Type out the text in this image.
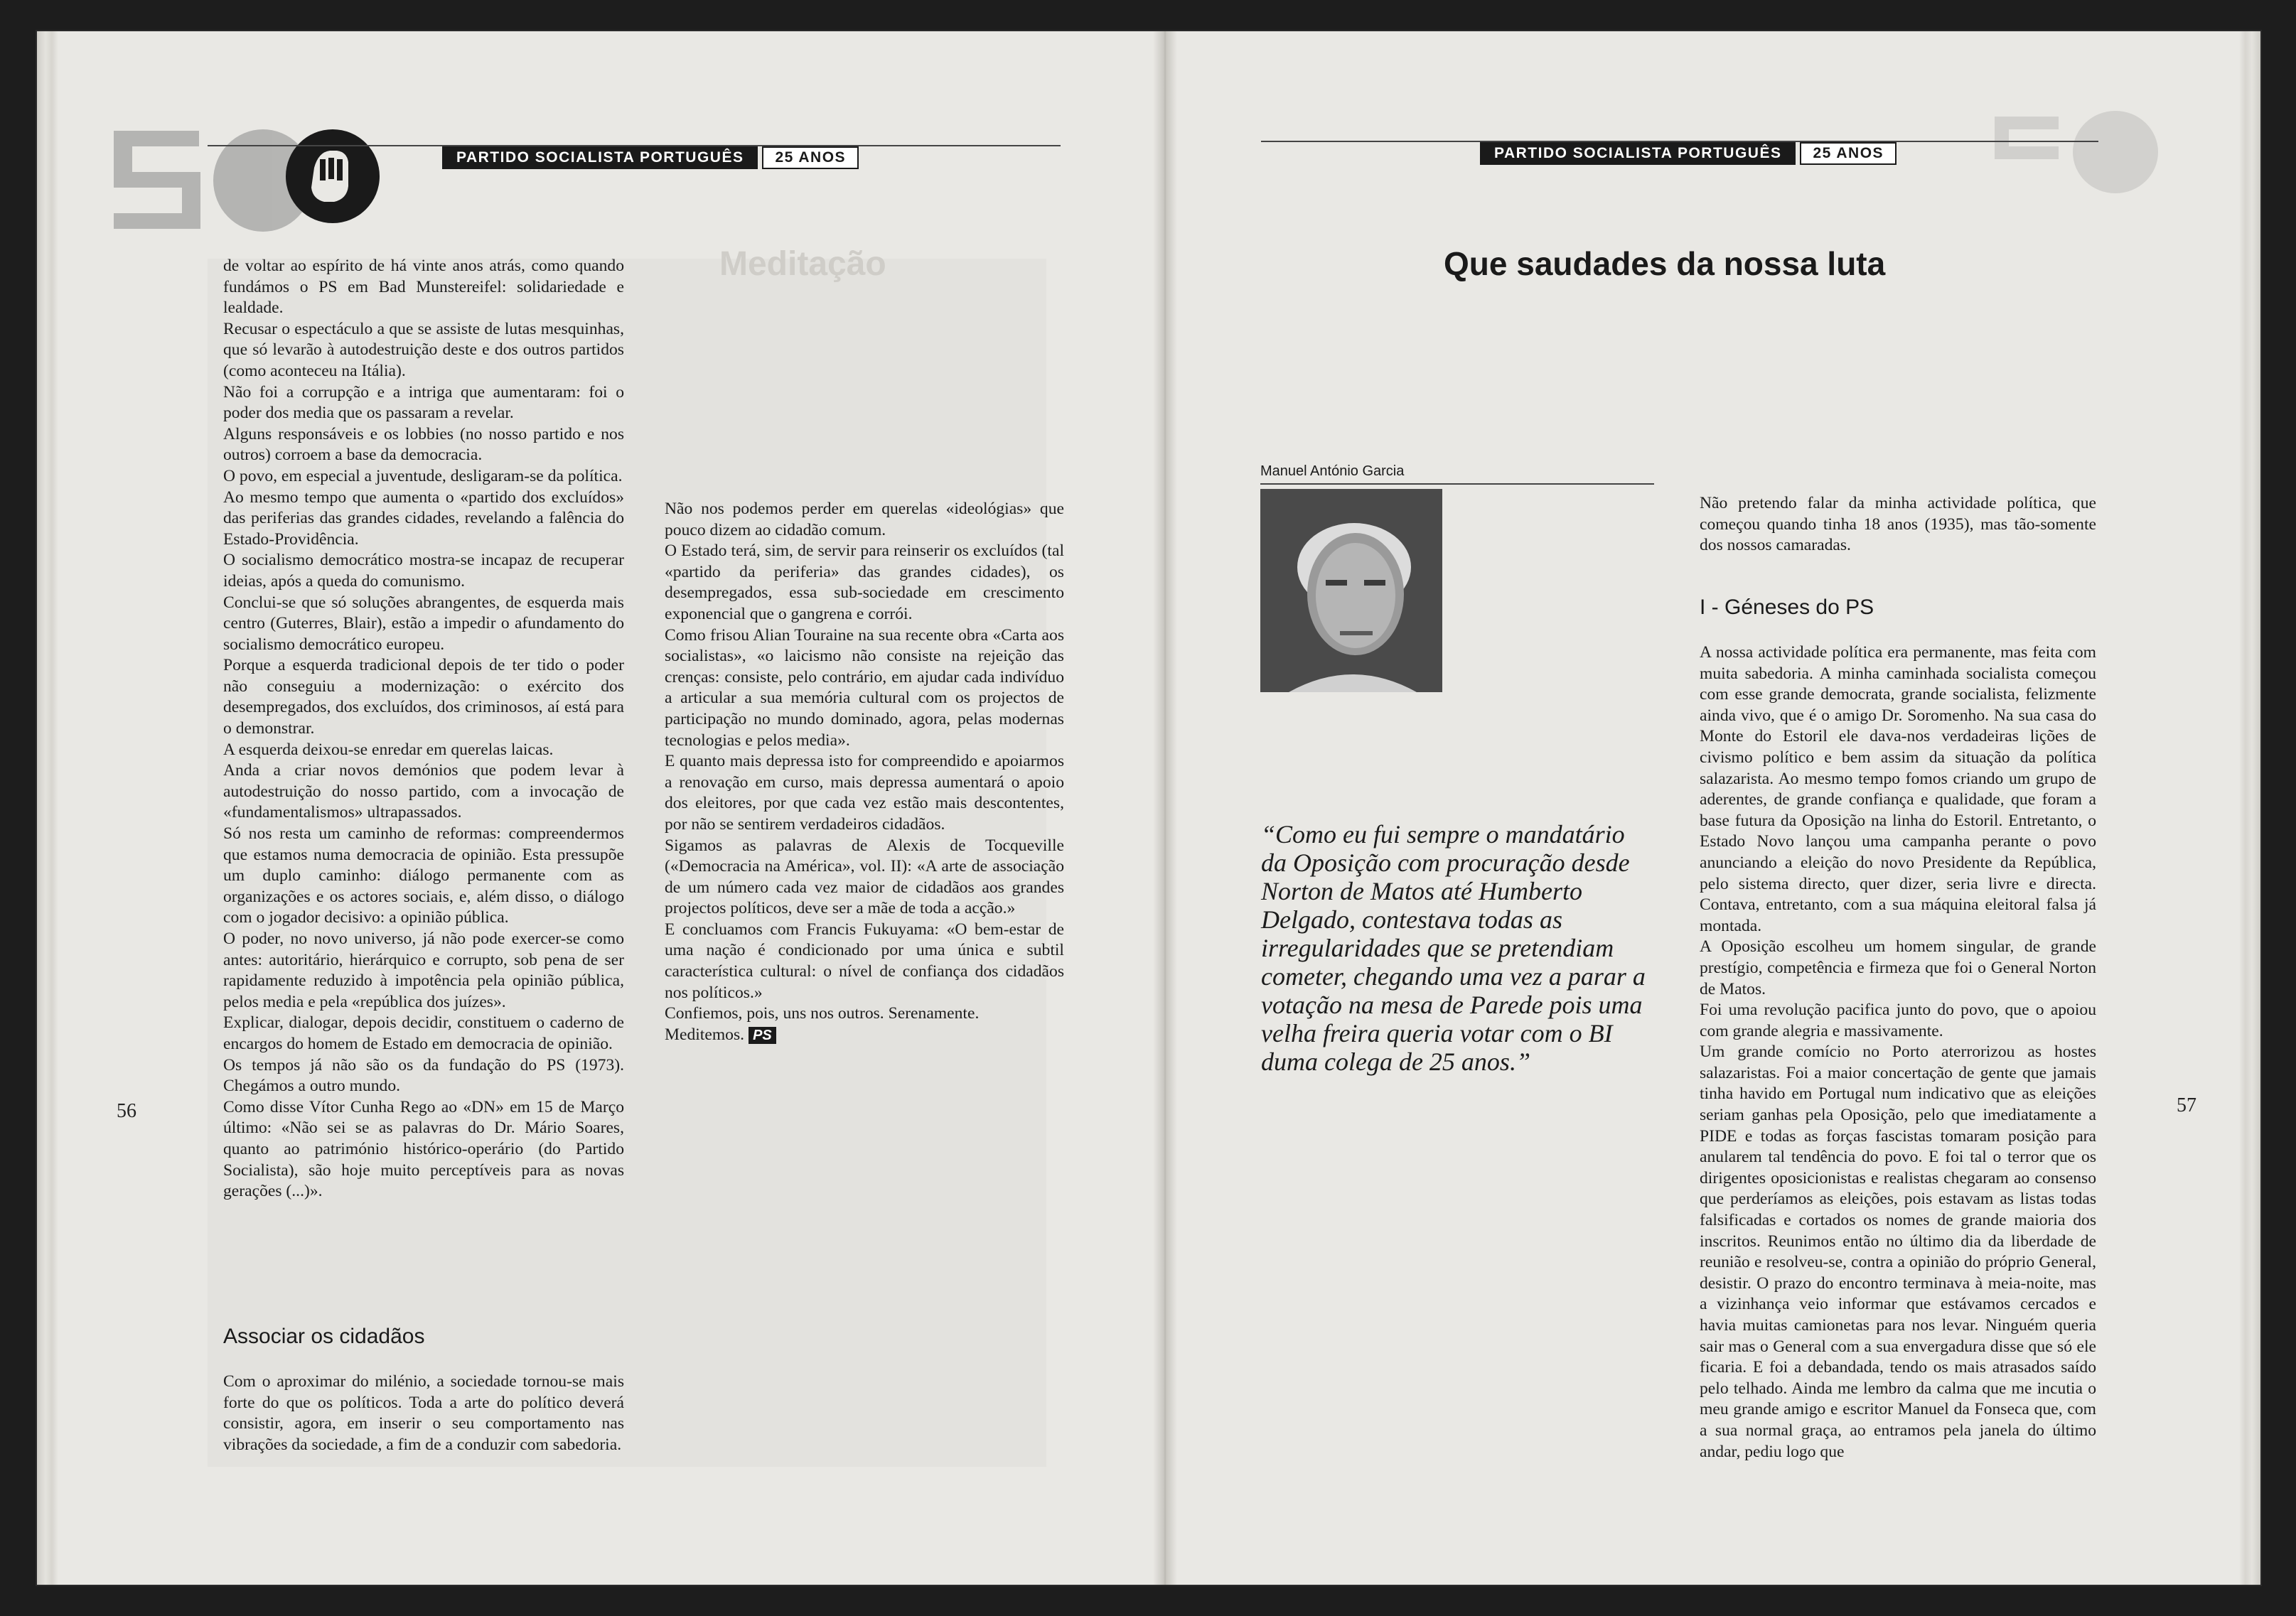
PARTIDO SOCIALISTA PORTUGUÊS	25 ANOS
Meditação

de voltar ao espírito de há vinte anos atrás, como quando fundámos o PS em Bad Munstereifel: solidariedade e lealdade.

Recusar o espectáculo a que se assiste de lutas mesquinhas, que só levarão à autodestruição deste e dos outros partidos (como aconteceu na Itália).

Não foi a corrupção e a intriga que aumentaram: foi o poder dos media que os passaram a revelar.

Alguns responsáveis e os lobbies (no nosso partido e nos outros) corroem a base da democracia.

O povo, em especial a juventude, desligaram-se da política.

Ao mesmo tempo que aumenta o «partido dos excluídos» das periferias das grandes cidades, revelando a falência do Estado-Providência.

O socialismo democrático mostra-se incapaz de recuperar ideias, após a queda do comunismo.

Conclui-se que só soluções abrangentes, de esquerda mais centro (Guterres, Blair), estão a impedir o afundamento do socialismo democrático europeu.

Porque a esquerda tradicional depois de ter tido o poder não conseguiu a modernização: o exército dos desempregados, dos excluídos, dos criminosos, aí está para o demonstrar.

A esquerda deixou-se enredar em querelas laicas.

Anda a criar novos demónios que podem levar à autodestruição do nosso partido, com a invocação de «fundamentalismos» ultrapassados.

Só nos resta um caminho de reformas: compreendermos que estamos numa democracia de opinião. Esta pressupõe um duplo caminho: diálogo permanente com as organizações e os actores sociais, e, além disso, o diálogo com o jogador decisivo: a opinião pública.

O poder, no novo universo, já não pode exercer-se como antes: autoritário, hierárquico e corrupto, sob pena de ser rapidamente reduzido à impotência pela opinião pública, pelos media e pela «república dos juízes».

Explicar, dialogar, depois decidir, constituem o caderno de encargos do homem de Estado em democracia de opinião.

Os tempos já não são os da fundação do PS (1973). Chegámos a outro mundo.

Como disse Vítor Cunha Rego ao «DN» em 15 de Março último: «Não sei se as palavras do Dr. Mário Soares, quanto ao património histórico-operário (do Partido Socialista), são hoje muito perceptíveis para as novas gerações (...)».

Associar os cidadãos

Com o aproximar do milénio, a sociedade tornou-se mais forte do que os políticos. Toda a arte do político deverá consistir, agora, em inserir o seu comportamento nas vibrações da sociedade, a fim de a conduzir com sabedoria.

Não nos podemos perder em querelas «ideológias» que pouco dizem ao cidadão comum.

O Estado terá, sim, de servir para reinserir os excluídos (tal «partido da periferia» das grandes cidades), os desempregados, essa sub-sociedade em crescimento exponencial que o gangrena e corrói.

Como frisou Alian Touraine na sua recente obra «Carta aos socialistas», «o laicismo não consiste na rejeição das crenças: consiste, pelo contrário, em ajudar cada indivíduo a articular a sua memória cultural com os projectos de participação no mundo dominado, agora, pelas modernas tecnologias e pelos media».

E quanto mais depressa isto for compreendido e apoiarmos a renovação em curso, mais depressa aumentará o apoio dos eleitores, por que cada vez estão mais descontentes, por não se sentirem verdadeiros cidadãos.

Sigamos as palavras de Alexis de Tocqueville («Democracia na América», vol. II): «A arte de associação de um número cada vez maior de cidadãos aos grandes projectos políticos, deve ser a mãe de toda a acção.»

E concluamos com Francis Fukuyama: «O bem-estar de uma nação é condicionado por uma única e subtil característica cultural: o nível de confiança dos cidadãos nos políticos.»

Confiemos, pois, uns nos outros. Serenamente.

Meditemos. PS

56
PARTIDO SOCIALISTA PORTUGUÊS	25 ANOS
Que saudades da nossa luta
Manuel António Garcia
“Como eu fui sempre o mandatário da Oposição com procuração desde Norton de Matos até Humberto Delgado, contestava todas as irregularidades que se pretendiam cometer, chegando uma vez a parar a votação na mesa de Parede pois uma velha freira queria votar com o BI duma colega de 25 anos.”

Não pretendo falar da minha actividade política, que começou quando tinha 18 anos (1935), mas tão-somente dos nossos camaradas.

I - Géneses do PS

A nossa actividade política era permanente, mas feita com muita sabedoria. A minha caminhada socialista começou com esse grande democrata, grande socialista, felizmente ainda vivo, que é o amigo Dr. Soromenho. Na sua casa do Monte do Estoril ele dava-nos verdadeiras lições de civismo político e bem assim da situação da política salazarista. Ao mesmo tempo fomos criando um grupo de aderentes, de grande confiança e qualidade, que foram a base futura da Oposição na linha do Estoril. Entretanto, o Estado Novo lançou uma campanha perante o povo anunciando a eleição do novo Presidente da República, pelo sistema directo, quer dizer, seria livre e directa. Contava, entretanto, com a sua máquina eleitoral falsa já montada.

A Oposição escolheu um homem singular, de grande prestígio, competência e firmeza que foi o General Norton de Matos.

Foi uma revolução pacifica junto do povo, que o apoiou com grande alegria e massivamente.

Um grande comício no Porto aterrorizou as hostes salazaristas. Foi a maior concertação de gente que jamais tinha havido em Portugal num indicativo que as eleições seriam ganhas pela Oposição, pelo que imediatamente a PIDE e todas as forças fascistas tomaram posição para anularem tal tendência do povo. E foi tal o terror que os dirigentes oposicionistas e realistas chegaram ao consenso que perderíamos as eleições, pois estavam as listas todas falsificadas e cortados os nomes de grande maioria dos inscritos. Reunimos então no último dia da liberdade de reunião e resolveu-se, contra a opinião do próprio General, desistir. O prazo do encontro terminava à meia-noite, mas a vizinhança veio informar que estávamos cercados e havia muitas camionetas para nos levar. Ninguém queria sair mas o General com a sua envergadura disse que só ele ficaria. E foi a debandada, tendo os mais atrasados saído pelo telhado. Ainda me lembro da calma que me incutia o meu grande amigo e escritor Manuel da Fonseca que, com a sua normal graça, ao entramos pela janela do último andar, pediu logo que

57
